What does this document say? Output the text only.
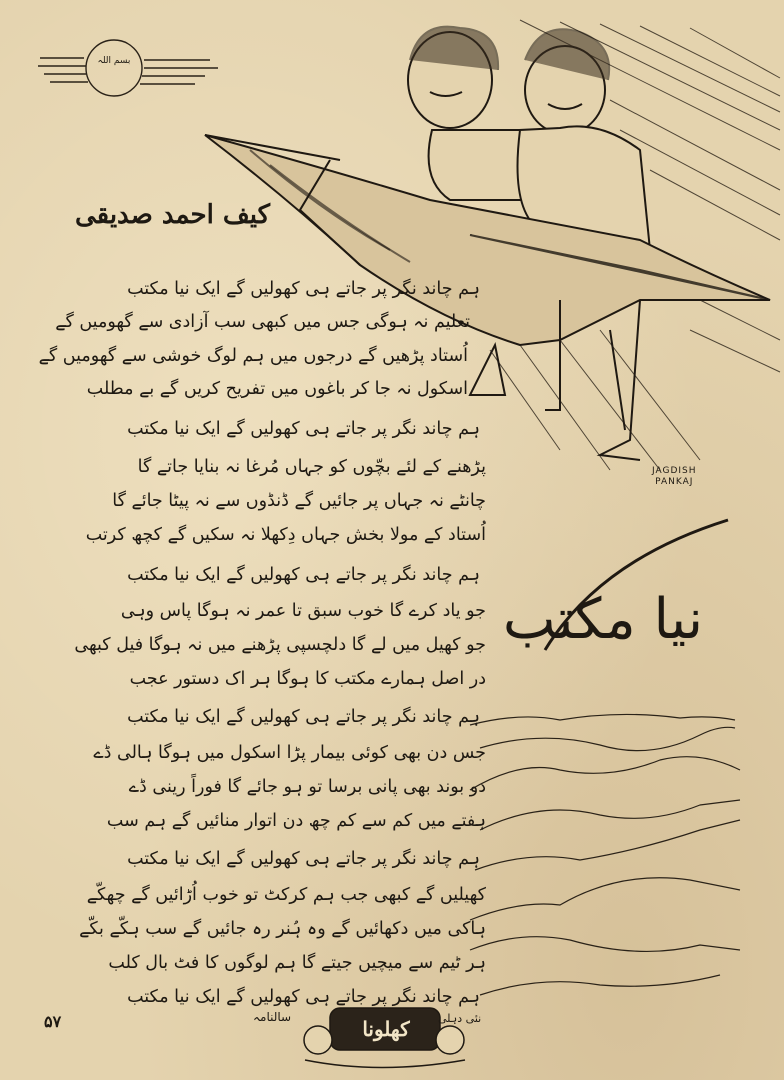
بسم اللہ
کیف احمد صدیقی
ہم چاند نگر پر جاتے ہی کھولیں گے ایک نیا مکتب
تعلیم نہ ہوگی جس میں کبھی سب آزادی سے گھومیں گے
اُستاد پڑھیں گے درجوں میں ہم لوگ خوشی سے گھومیں گے
اسکول نہ جا کر باغوں میں تفریح کریں گے بے مطلب
ہم چاند نگر پر جاتے ہی کھولیں گے ایک نیا مکتب
پڑھنے کے لئے بچّوں کو جہاں مُرغا نہ بنایا جاتے گا
چانٹے نہ جہاں پر جائیں گے ڈنڈوں سے نہ پیٹا جائے گا
اُستاد کے مولا بخش جہاں دِکھلا نہ سکیں گے کچھ کرتب
ہم چاند نگر پر جاتے ہی کھولیں گے ایک نیا مکتب
جو یاد کرے گا خوب سبق تا عمر نہ ہوگا پاس وہی
جو کھیل میں لے گا دلچسپی پڑھنے میں نہ ہوگا فیل کبھی
در اصل ہمارے مکتب کا ہوگا ہر اک دستور عجب
ہم چاند نگر پر جاتے ہی کھولیں گے ایک نیا مکتب
جس دن بھی کوئی بیمار پڑا اسکول میں ہوگا ہالی ڈے
دو بوند بھی پانی برسا تو ہو جائے گا فوراً رینی ڈے
ہفتے میں کم سے کم چھ دن اتوار منائیں گے ہم سب
ہم چاند نگر پر جاتے ہی کھولیں گے ایک نیا مکتب
کھیلیں گے کبھی جب ہم کرکٹ تو خوب اُڑائیں گے چھکّے
ہاکی میں دکھائیں گے وہ ہُنر رہ جائیں گے سب ہکّے بکّے
ہر ٹیم سے میچیں جیتے گا ہم لوگوں کا فٹ بال کلب
ہم چاند نگر پر جاتے ہی کھولیں گے ایک نیا مکتب
نیا مکتب
JAGDISH
PANKAJ
۵۷	سالنامہ	کھلونا	نئی دہلی
